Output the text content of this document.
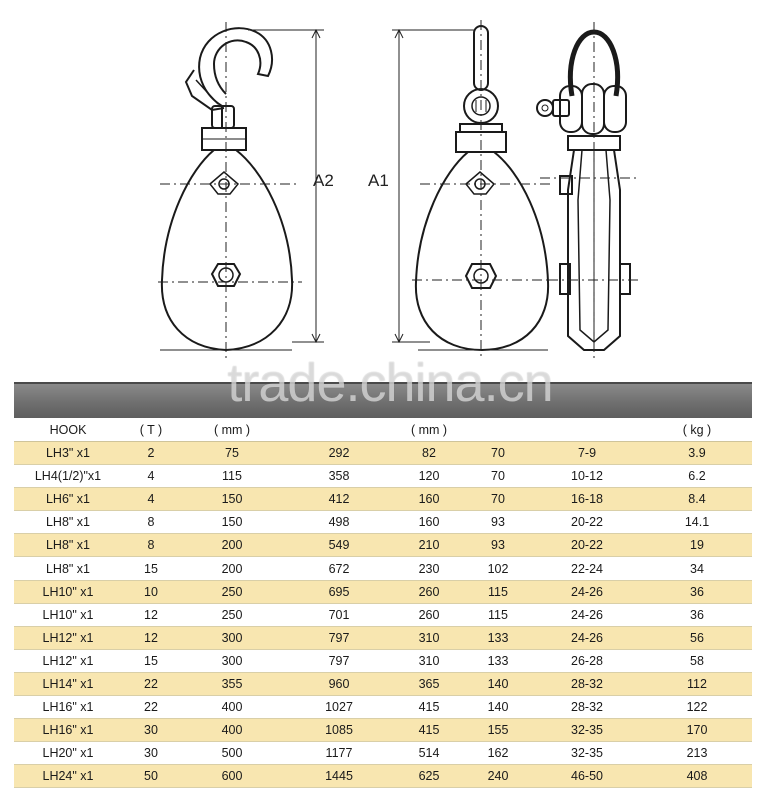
A2 A1
trade.china.cn
HOOK	( T )	( mm )		( mm )			( kg )
LH3" x1	2	75	292	82	70	7-9	3.9
LH4(1/2)"x1	4	115	358	120	70	10-12	6.2
LH6" x1	4	150	412	160	70	16-18	8.4
LH8" x1	8	150	498	160	93	20-22	14.1
LH8" x1	8	200	549	210	93	20-22	19
LH8" x1	15	200	672	230	102	22-24	34
LH10" x1	10	250	695	260	115	24-26	36
LH10" x1	12	250	701	260	115	24-26	36
LH12" x1	12	300	797	310	133	24-26	56
LH12" x1	15	300	797	310	133	26-28	58
LH14" x1	22	355	960	365	140	28-32	112
LH16" x1	22	400	1027	415	140	28-32	122
LH16" x1	30	400	1085	415	155	32-35	170
LH20" x1	30	500	1177	514	162	32-35	213
LH24" x1	50	600	1445	625	240	46-50	408
